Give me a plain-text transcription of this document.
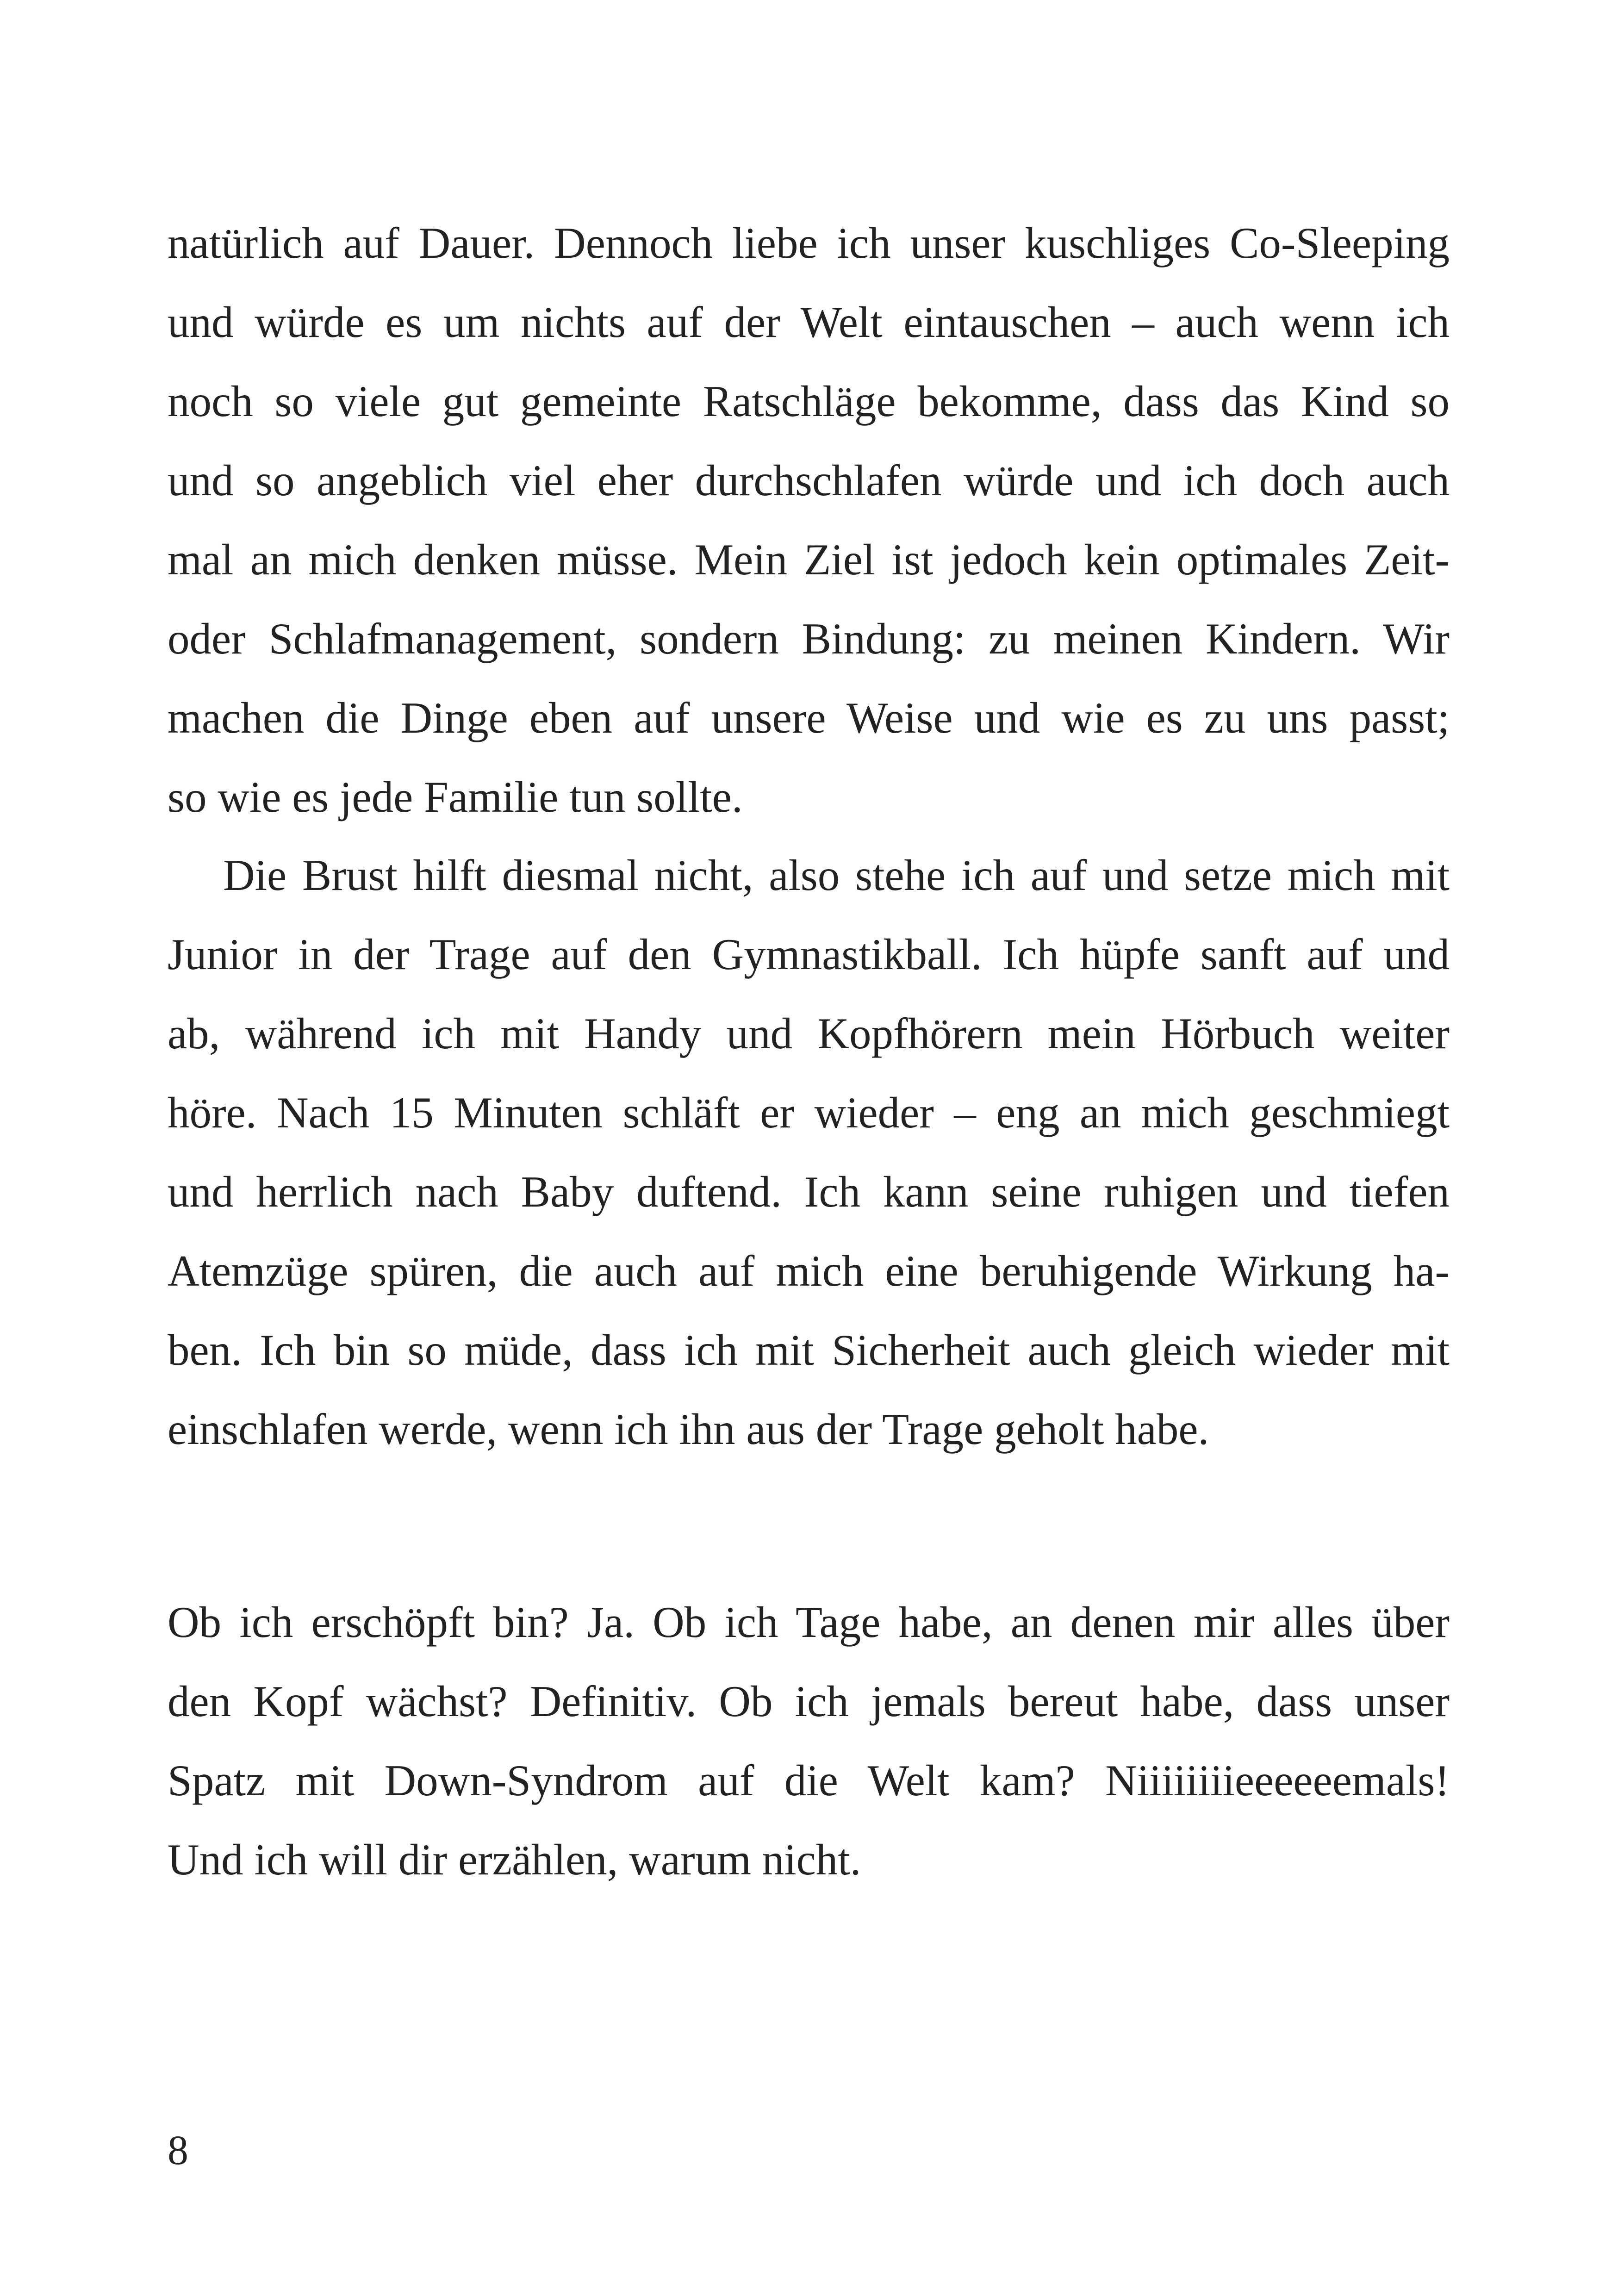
natürlich auf Dauer. Dennoch liebe ich unser kuschliges Co-Sleeping
und würde es um nichts auf der Welt eintauschen – auch wenn ich
noch so viele gut gemeinte Ratschläge bekomme, dass das Kind so
und so angeblich viel eher durchschlafen würde und ich doch auch
mal an mich denken müsse. Mein Ziel ist jedoch kein optimales Zeit-
oder Schlafmanagement, sondern Bindung: zu meinen Kindern. Wir
machen die Dinge eben auf unsere Weise und wie es zu uns passt;
so wie es jede Familie tun sollte.
Die Brust hilft diesmal nicht, also stehe ich auf und setze mich mit
Junior in der Trage auf den Gymnastikball. Ich hüpfe sanft auf und
ab, während ich mit Handy und Kopfhörern mein Hörbuch weiter
höre. Nach 15 Minuten schläft er wieder – eng an mich geschmiegt
und herrlich nach Baby duftend. Ich kann seine ruhigen und tiefen
Atemzüge spüren, die auch auf mich eine beruhigende Wirkung ha-
ben. Ich bin so müde, dass ich mit Sicherheit auch gleich wieder mit
einschlafen werde, wenn ich ihn aus der Trage geholt habe.
Ob ich erschöpft bin? Ja. Ob ich Tage habe, an denen mir alles über
den Kopf wächst? Definitiv. Ob ich jemals bereut habe, dass unser
Spatz mit Down-Syndrom auf die Welt kam? Niiiiiiiieeeeeemals!
Und ich will dir erzählen, warum nicht.
8
